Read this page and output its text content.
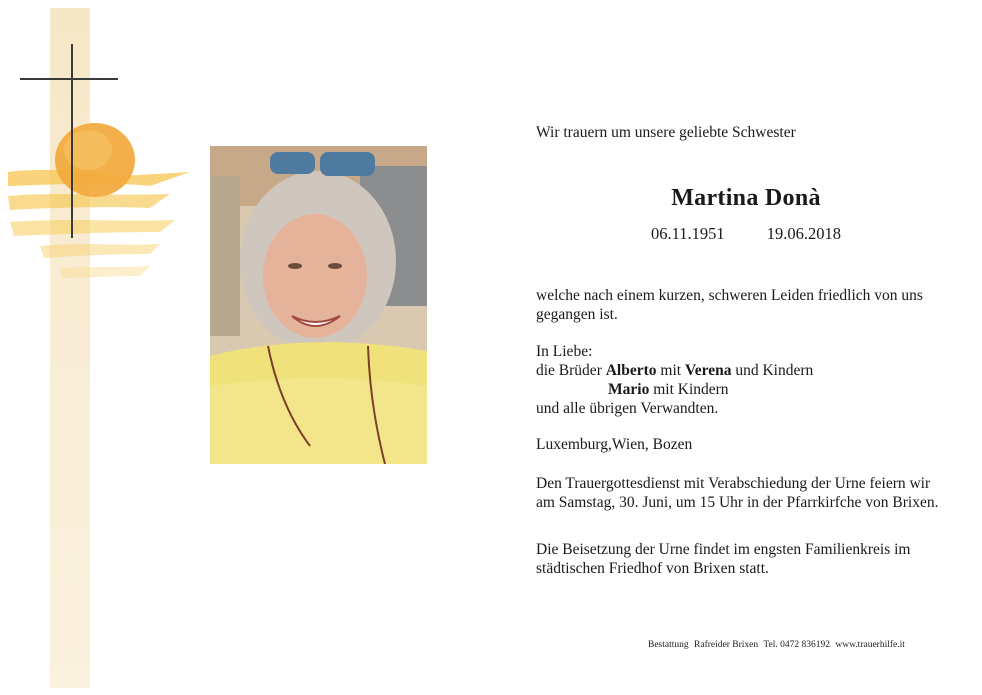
Wir trauern um unsere geliebte Schwester
Martina Donà
06.11.1951	19.06.2018
welche nach einem kurzen, schweren Leiden friedlich von uns gegangen ist.
In Liebe:
die Brüder Alberto mit Verena und Kindern
Mario mit Kindern
und alle übrigen Verwandten.
Luxemburg,Wien, Bozen
Den Trauergottesdienst mit Verabschiedung der Urne feiern wir am Samstag, 30. Juni, um 15 Uhr in der Pfarrkirfche von Brixen.
Die Beisetzung der Urne findet im engsten Familienkreis im städtischen Friedhof von Brixen statt.
Bestattung Rafreider Brixen Tel. 0472 836192 www.trauerhilfe.it
